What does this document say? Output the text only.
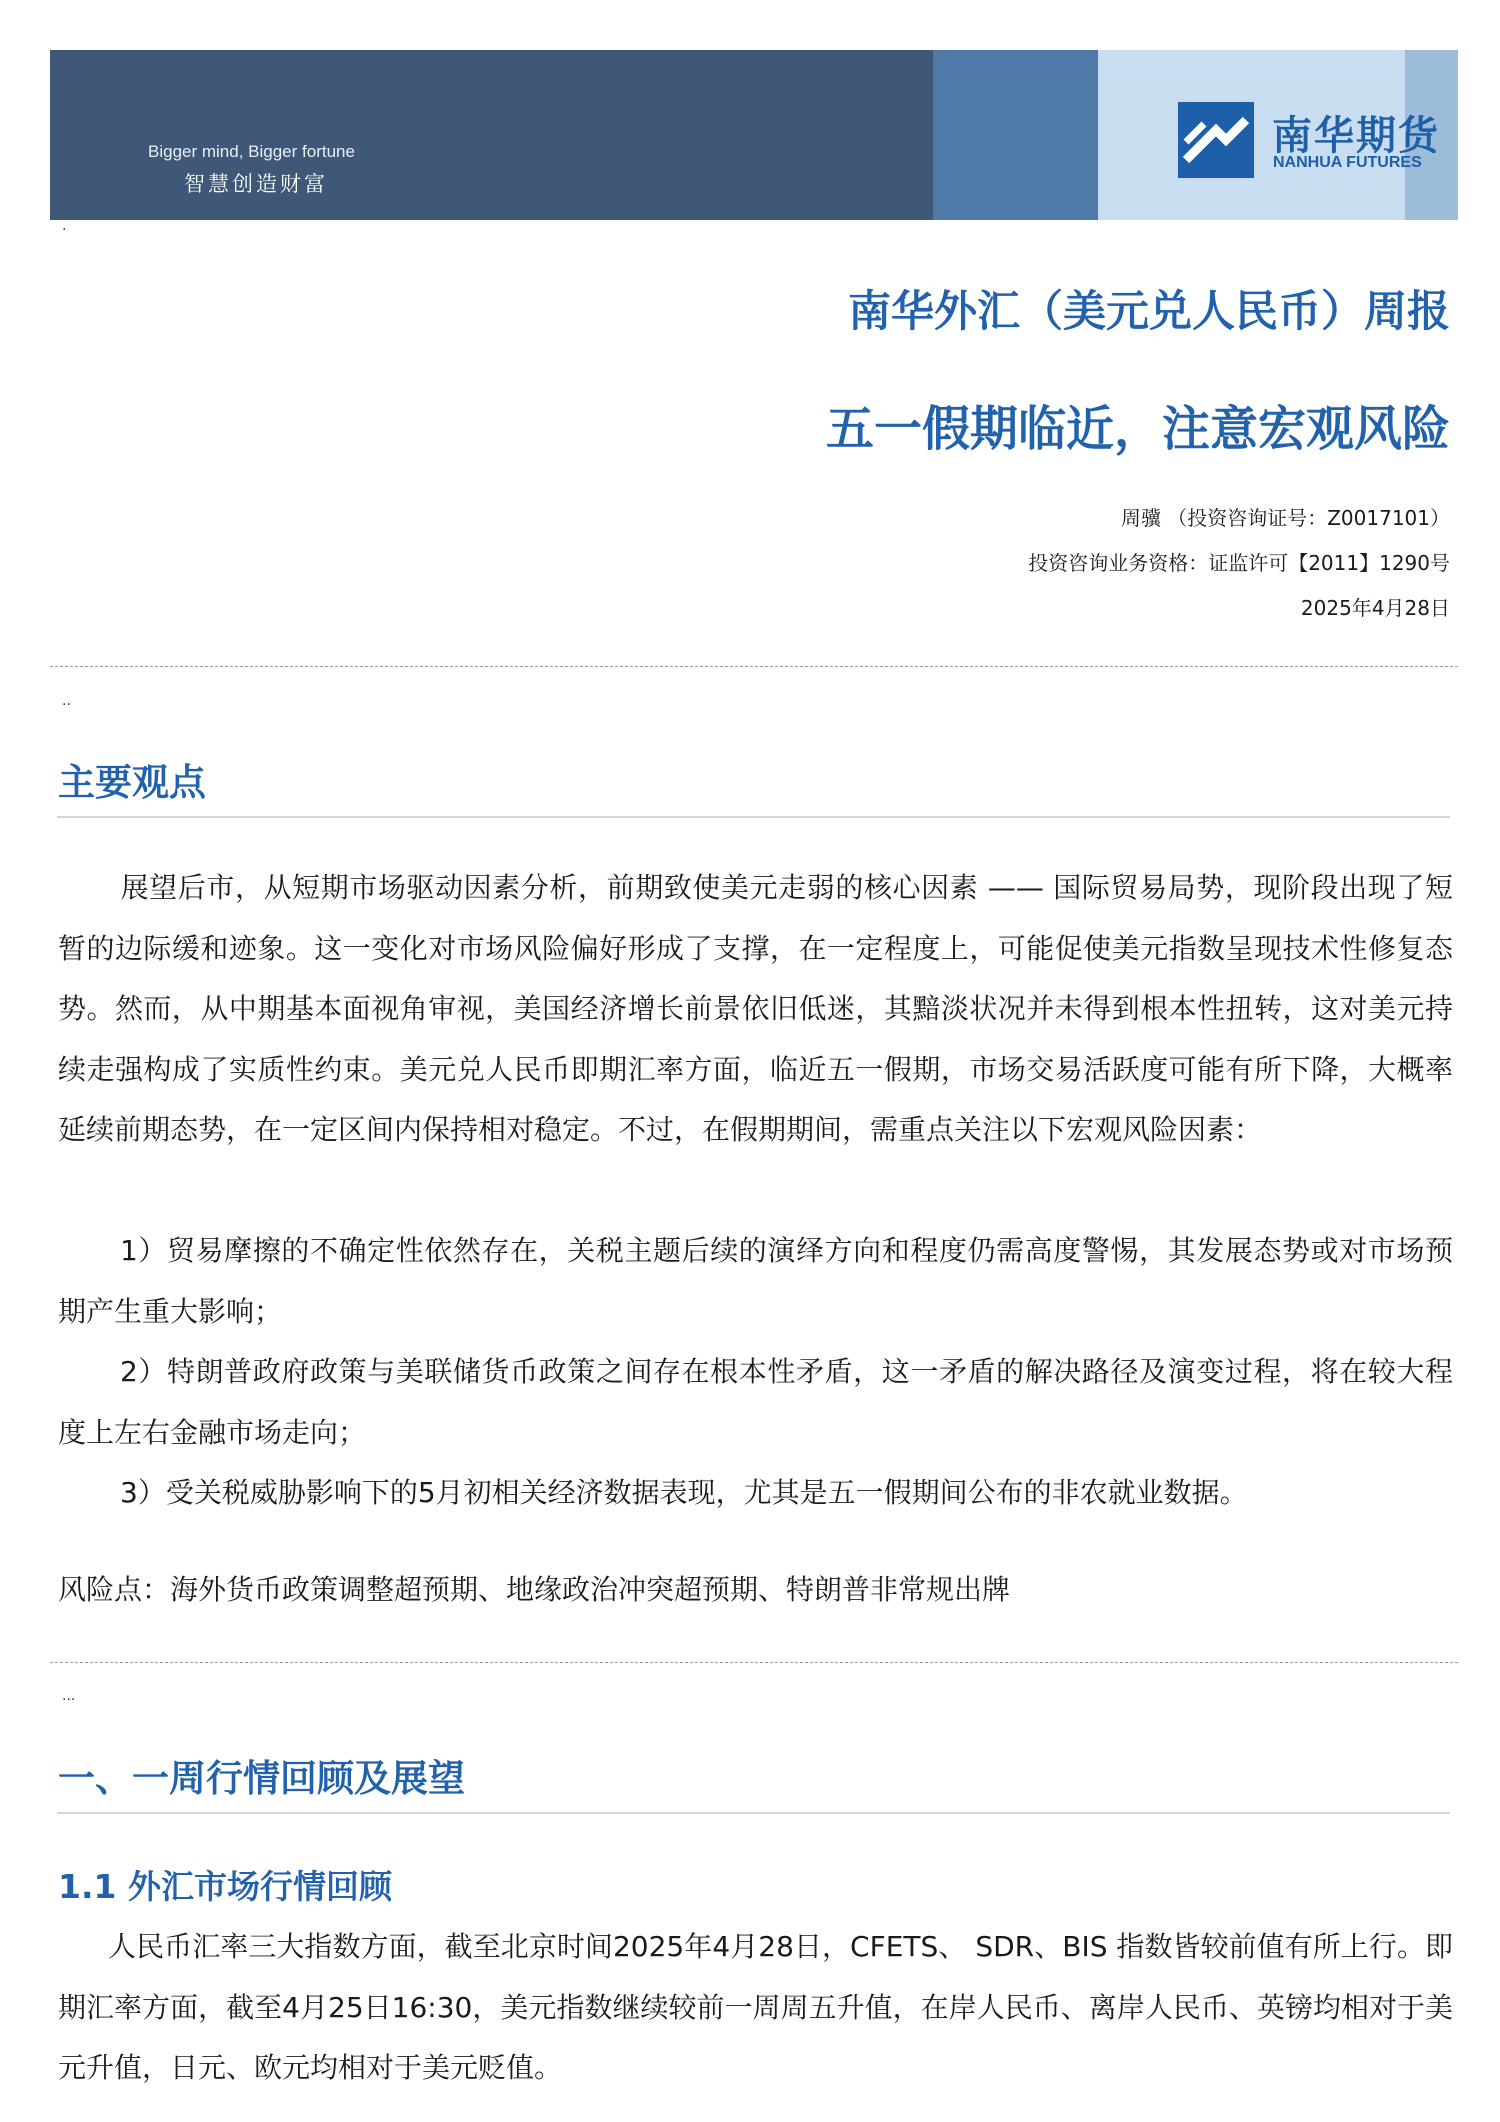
Bigger mind, Bigger fortune
智慧创造财富
南华期货
NANHUA FUTURES
·
南华外汇（美元兑人民币）周报
五一假期临近，注意宏观风险
周骥 （投资咨询证号：Z0017101）
投资咨询业务资格：证监许可【2011】1290号
2025年4月28日
..
主要观点
展望后市，从短期市场驱动因素分析，前期致使美元走弱的核心因素 —— 国际贸易局势，现阶段出现了短暂的边际缓和迹象。这一变化对市场风险偏好形成了支撑，在一定程度上，可能促使美元指数呈现技术性修复态势。然而，从中期基本面视角审视，美国经济增长前景依旧低迷，其黯淡状况并未得到根本性扭转，这对美元持续走强构成了实质性约束。美元兑人民币即期汇率方面，临近五一假期，市场交易活跃度可能有所下降，大概率延续前期态势，在一定区间内保持相对稳定。不过，在假期期间，需重点关注以下宏观风险因素：
1）贸易摩擦的不确定性依然存在，关税主题后续的演绎方向和程度仍需高度警惕，其发展态势或对市场预期产生重大影响；
2）特朗普政府政策与美联储货币政策之间存在根本性矛盾，这一矛盾的解决路径及演变过程，将在较大程度上左右金融市场走向；
3）受关税威胁影响下的5月初相关经济数据表现，尤其是五一假期间公布的非农就业数据。
风险点：海外货币政策调整超预期、地缘政治冲突超预期、特朗普非常规出牌
...
一、一周行情回顾及展望
1.1 外汇市场行情回顾
人民币汇率三大指数方面，截至北京时间2025年4月28日，CFETS、 SDR、BIS 指数皆较前值有所上行。即期汇率方面，截至4月25日16:30，美元指数继续较前一周周五升值，在岸人民币、离岸人民币、英镑均相对于美元升值，日元、欧元均相对于美元贬值。
